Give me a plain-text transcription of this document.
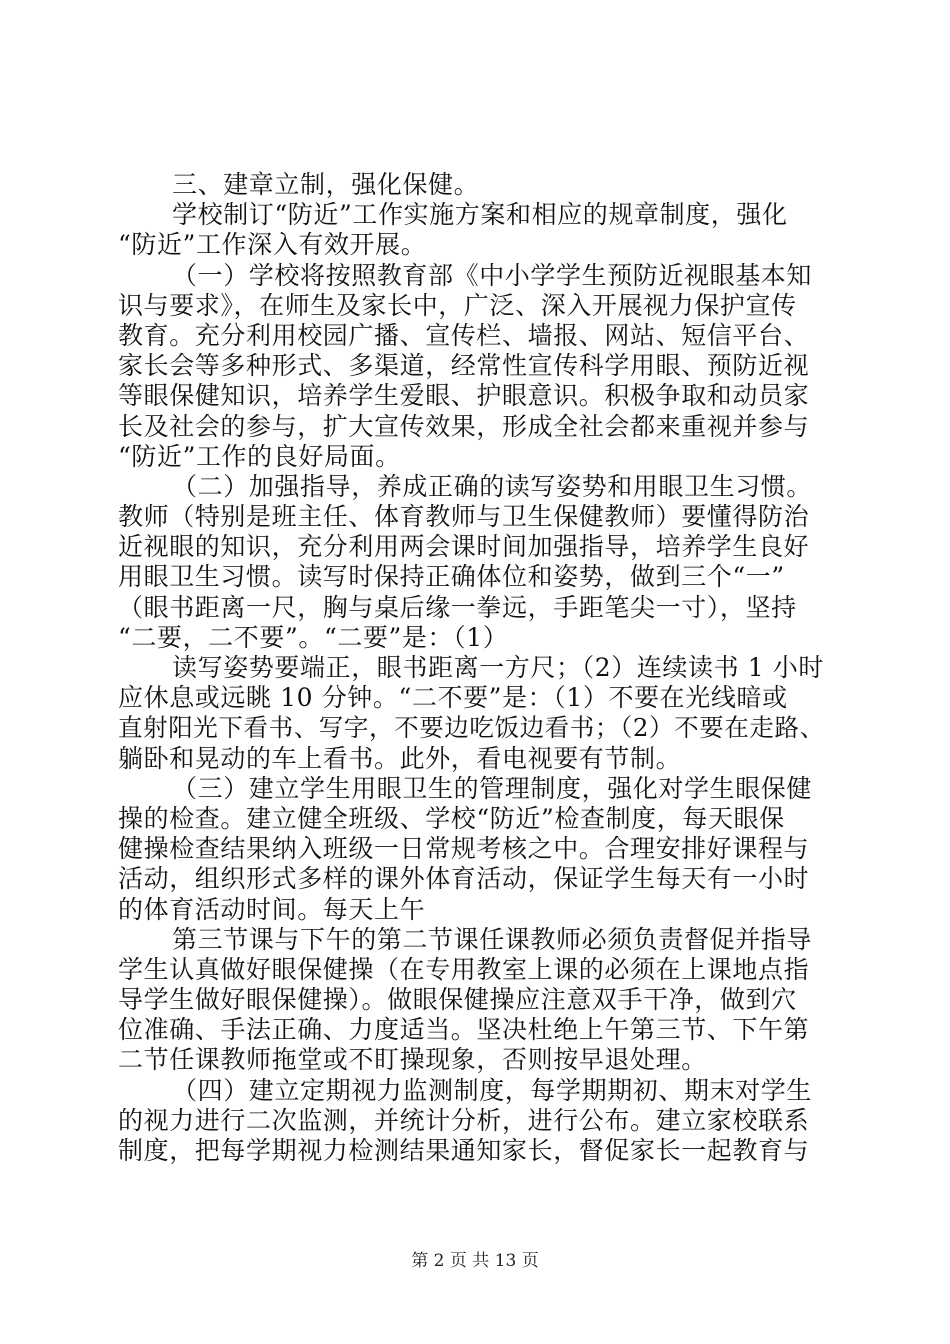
三、建章立制，强化保健。
学校制订“防近”工作实施方案和相应的规章制度，强化
“防近”工作深入有效开展。
（一）学校将按照教育部《中小学学生预防近视眼基本知
识与要求》，在师生及家长中，广泛、深入开展视力保护宣传
教育。充分利用校园广播、宣传栏、墙报、网站、短信平台、
家长会等多种形式、多渠道，经常性宣传科学用眼、预防近视
等眼保健知识，培养学生爱眼、护眼意识。积极争取和动员家
长及社会的参与，扩大宣传效果，形成全社会都来重视并参与
“防近”工作的良好局面。
（二）加强指导，养成正确的读写姿势和用眼卫生习惯。
教师（特别是班主任、体育教师与卫生保健教师）要懂得防治
近视眼的知识，充分利用两会课时间加强指导，培养学生良好
用眼卫生习惯。读写时保持正确体位和姿势，做到三个“一”
（眼书距离一尺，胸与桌后缘一拳远，手距笔尖一寸），坚持
“二要，二不要”。“二要”是：（1）
读写姿势要端正，眼书距离一方尺；（2）连续读书 1 小时
应休息或远眺 10 分钟。“二不要”是：（1）不要在光线暗或
直射阳光下看书、写字，不要边吃饭边看书；（2）不要在走路、
躺卧和晃动的车上看书。此外，看电视要有节制。
（三）建立学生用眼卫生的管理制度，强化对学生眼保健
操的检查。建立健全班级、学校“防近”检查制度，每天眼保
健操检查结果纳入班级一日常规考核之中。合理安排好课程与
活动，组织形式多样的课外体育活动，保证学生每天有一小时
的体育活动时间。每天上午
第三节课与下午的第二节课任课教师必须负责督促并指导
学生认真做好眼保健操（在专用教室上课的必须在上课地点指
导学生做好眼保健操）。做眼保健操应注意双手干净，做到穴
位准确、手法正确、力度适当。坚决杜绝上午第三节、下午第
二节任课教师拖堂或不盯操现象，否则按早退处理。
（四）建立定期视力监测制度，每学期期初、期末对学生
的视力进行二次监测，并统计分析，进行公布。建立家校联系
制度，把每学期视力检测结果通知家长，督促家长一起教育与
第 2 页 共 13 页
